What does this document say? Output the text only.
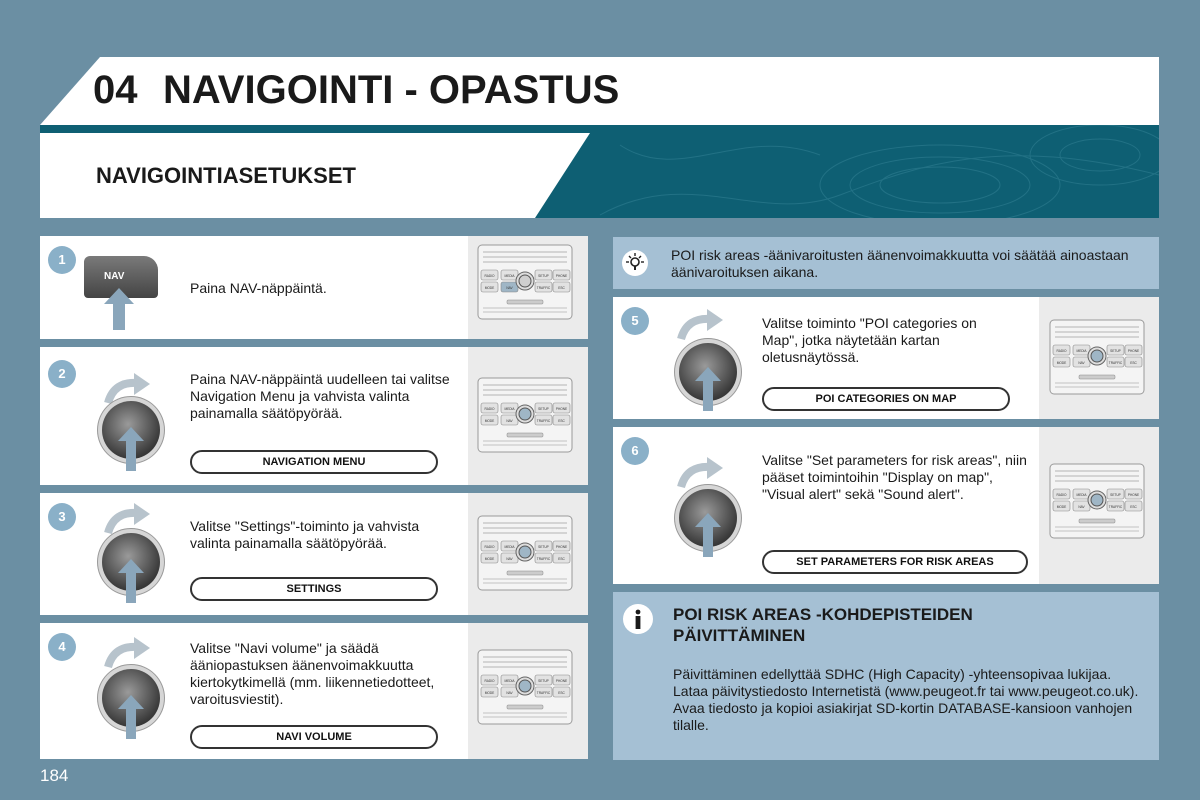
04 NAVIGOINTI - OPASTUS
NAVIGOINTIASETUKSET
1
NAV
Paina NAV-näppäintä.
RADIO	MEDIA	SETUP PHONE
MODE	NAV	TRAFFIC ESC
2	Paina NAV-näppäintä uudelleen tai valitse Navigation Menu ja vahvista valinta painamalla säätöpyörää.
NAVIGATION MENU
RADIO	MEDIA	SETUP PHONE
MODE	NAV	TRAFFIC ESC
3
Valitse "Settings"-toiminto ja vahvista valinta painamalla säätöpyörää.
SETTINGS
RADIO	MEDIA	SETUP PHONE
MODE	NAV	TRAFFIC ESC
4	Valitse "Navi volume" ja säädä ääniopastuksen äänenvoimakkuutta kiertokytkimellä (mm. liikennetiedotteet, varoitusviestit).
NAVI VOLUME
RADIO	MEDIA	SETUP PHONE
MODE	NAV	TRAFFIC ESC
POI risk areas -äänivaroitusten äänenvoimakkuutta voi säätää ainoastaan äänivaroituksen aikana.
5	Valitse toiminto "POI categories on Map", jotka näytetään kartan oletusnäytössä.
POI CATEGORIES ON MAP
RADIO	MEDIA	SETUP PHONE
MODE	NAV	TRAFFIC ESC
6
Valitse "Set parameters for risk areas", niin pääset toimintoihin "Display on map", "Visual alert" sekä "Sound alert".
SET PARAMETERS FOR RISK AREAS
RADIO	MEDIA	SETUP PHONE
MODE	NAV	TRAFFIC ESC
POI RISK AREAS -KOHDEPISTEIDEN PÄIVITTÄMINEN
Päivittäminen edellyttää SDHC (High Capacity) -yhteensopivaa lukijaa. Lataa päivitystiedosto Internetistä (www.peugeot.fr tai www.peugeot.co.uk). Avaa tiedosto ja kopioi asiakirjat SD-kortin DATABASE-kansioon vanhojen tilalle.
184
